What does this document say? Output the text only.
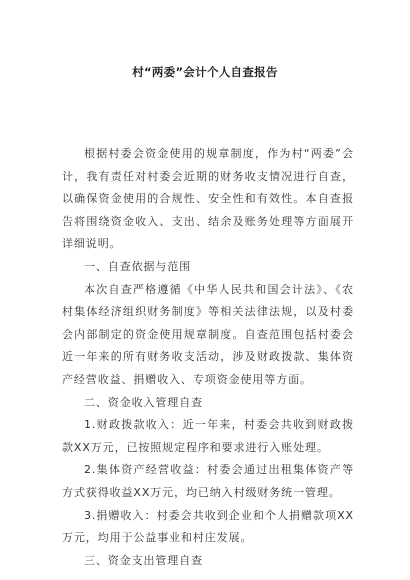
村“两委”会计个人自查报告

根据村委会资金使用的规章制度，作为村“两委”会计，我有责任对村委会近期的财务收支情况进行自查，以确保资金使用的合规性、安全性和有效性。本自查报告将围绕资金收入、支出、结余及账务处理等方面展开详细说明。

一、自查依据与范围

本次自查严格遵循《中华人民共和国会计法》、《农村集体经济组织财务制度》等相关法律法规，以及村委会内部制定的资金使用规章制度。自查范围包括村委会近一年来的所有财务收支活动，涉及财政拨款、集体资产经营收益、捐赠收入、专项资金使用等方面。

二、资金收入管理自查

1.财政拨款收入：近一年来，村委会共收到财政拨款XX万元，已按照规定程序和要求进行入账处理。

2.集体资产经营收益：村委会通过出租集体资产等方式获得收益XX万元，均已纳入村级财务统一管理。

3.捐赠收入：村委会共收到企业和个人捐赠款项XX万元，均用于公益事业和村庄发展。

三、资金支出管理自查
